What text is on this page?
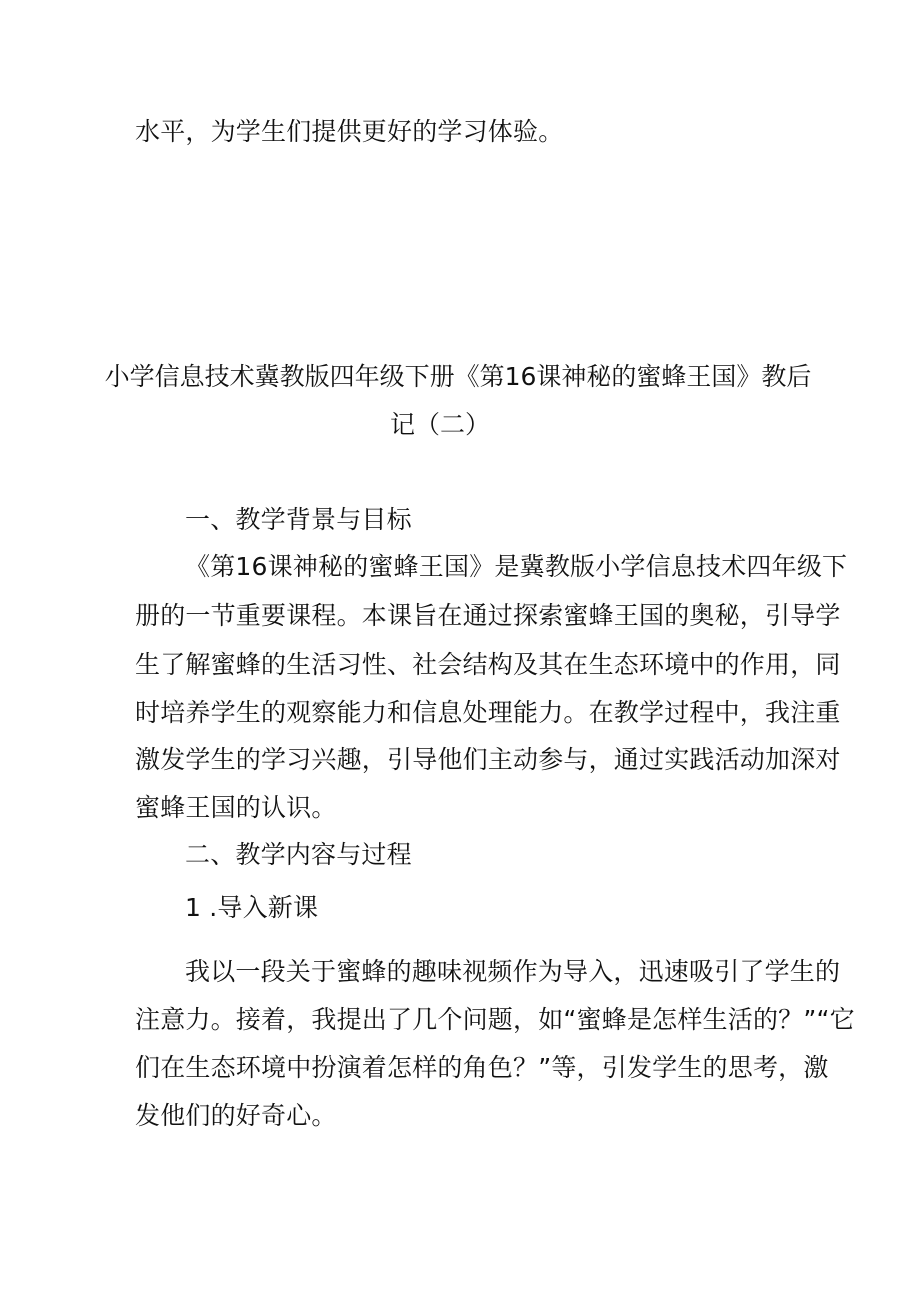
水平，为学生们提供更好的学习体验。
小学信息技术冀教版四年级下册《第16课神秘的蜜蜂王国》教后
记（二）
一、教学背景与目标
《第16课神秘的蜜蜂王国》是冀教版小学信息技术四年级下
册的一节重要课程。本课旨在通过探索蜜蜂王国的奥秘，引导学
生了解蜜蜂的生活习性、社会结构及其在生态环境中的作用，同
时培养学生的观察能力和信息处理能力。在教学过程中，我注重
激发学生的学习兴趣，引导他们主动参与，通过实践活动加深对
蜜蜂王国的认识。
二、教学内容与过程
1 .导入新课
我以一段关于蜜蜂的趣味视频作为导入，迅速吸引了学生的
注意力。接着，我提出了几个问题，如“蜜蜂是怎样生活的？”“它
们在生态环境中扮演着怎样的角色？”等，引发学生的思考，激
发他们的好奇心。
